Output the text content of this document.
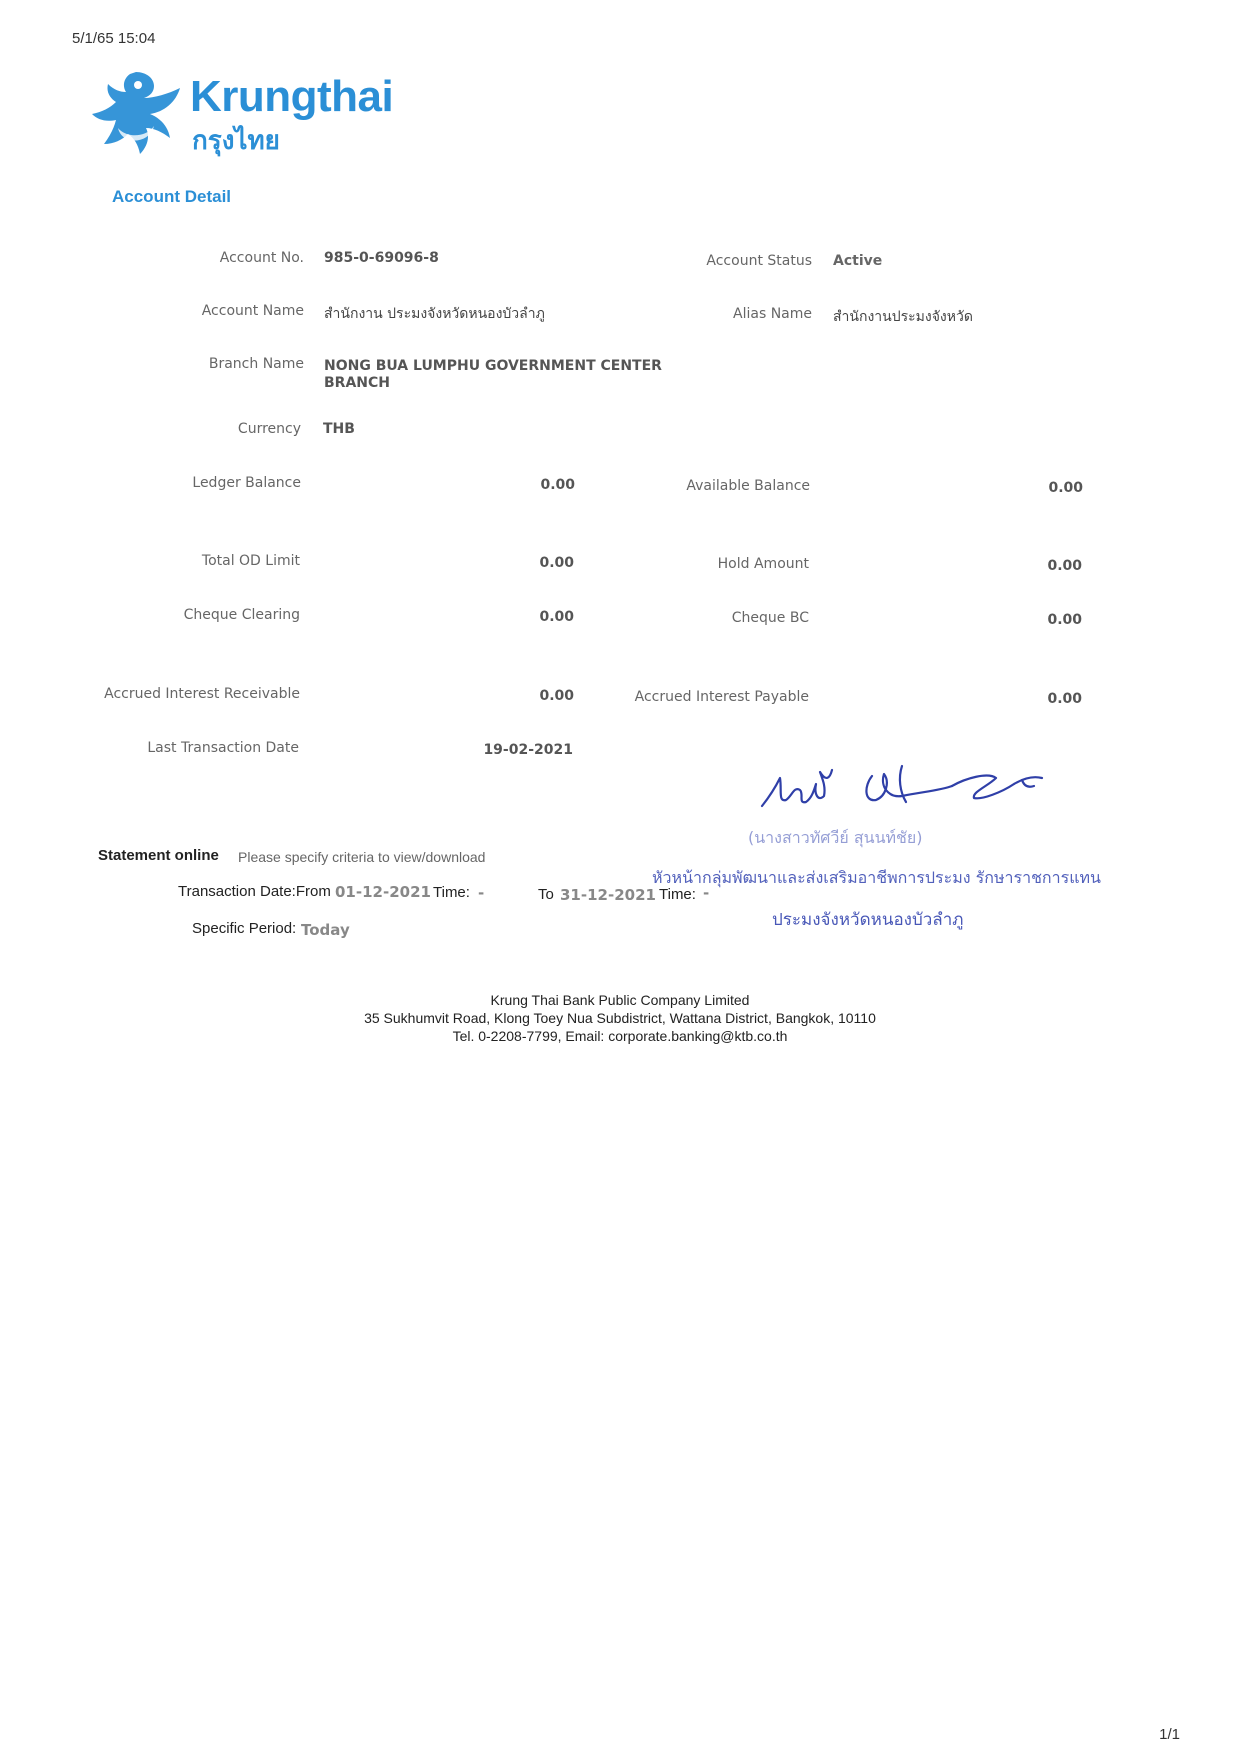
5/1/65 15:04
Krungthai
กรุงไทย
Account Detail
Account No. 985-0-69096-8	Account Status Active
Account Name สำนักงาน ประมงจังหวัดหนองบัวลำภู	Alias Name สำนักงานประมงจังหวัด
Branch Name NONG BUA LUMPHU GOVERNMENT CENTER
BRANCH
Currency THB
Ledger Balance	0.00	Available Balance	0.00
Total OD Limit	0.00	Hold Amount	0.00
Cheque Clearing	0.00	Cheque BC	0.00
Accrued Interest Receivable	0.00	Accrued Interest Payable	0.00
Last Transaction Date	19-02-2021
(นางสาวทัศวีย์ สุนนท์ชัย)
หัวหน้ากลุ่มพัฒนาและส่งเสริมอาชีพการประมง รักษาราชการแทน
ประมงจังหวัดหนองบัวลำภู
Statement online Please specify criteria to view/download
Transaction Date:From 01-12-2021 Time: -	To 31-12-2021 Time: -
Specific Period: Today
Krung Thai Bank Public Company Limited
35 Sukhumvit Road, Klong Toey Nua Subdistrict, Wattana District, Bangkok, 10110
Tel. 0-2208-7799, Email: corporate.banking@ktb.co.th
1/1
